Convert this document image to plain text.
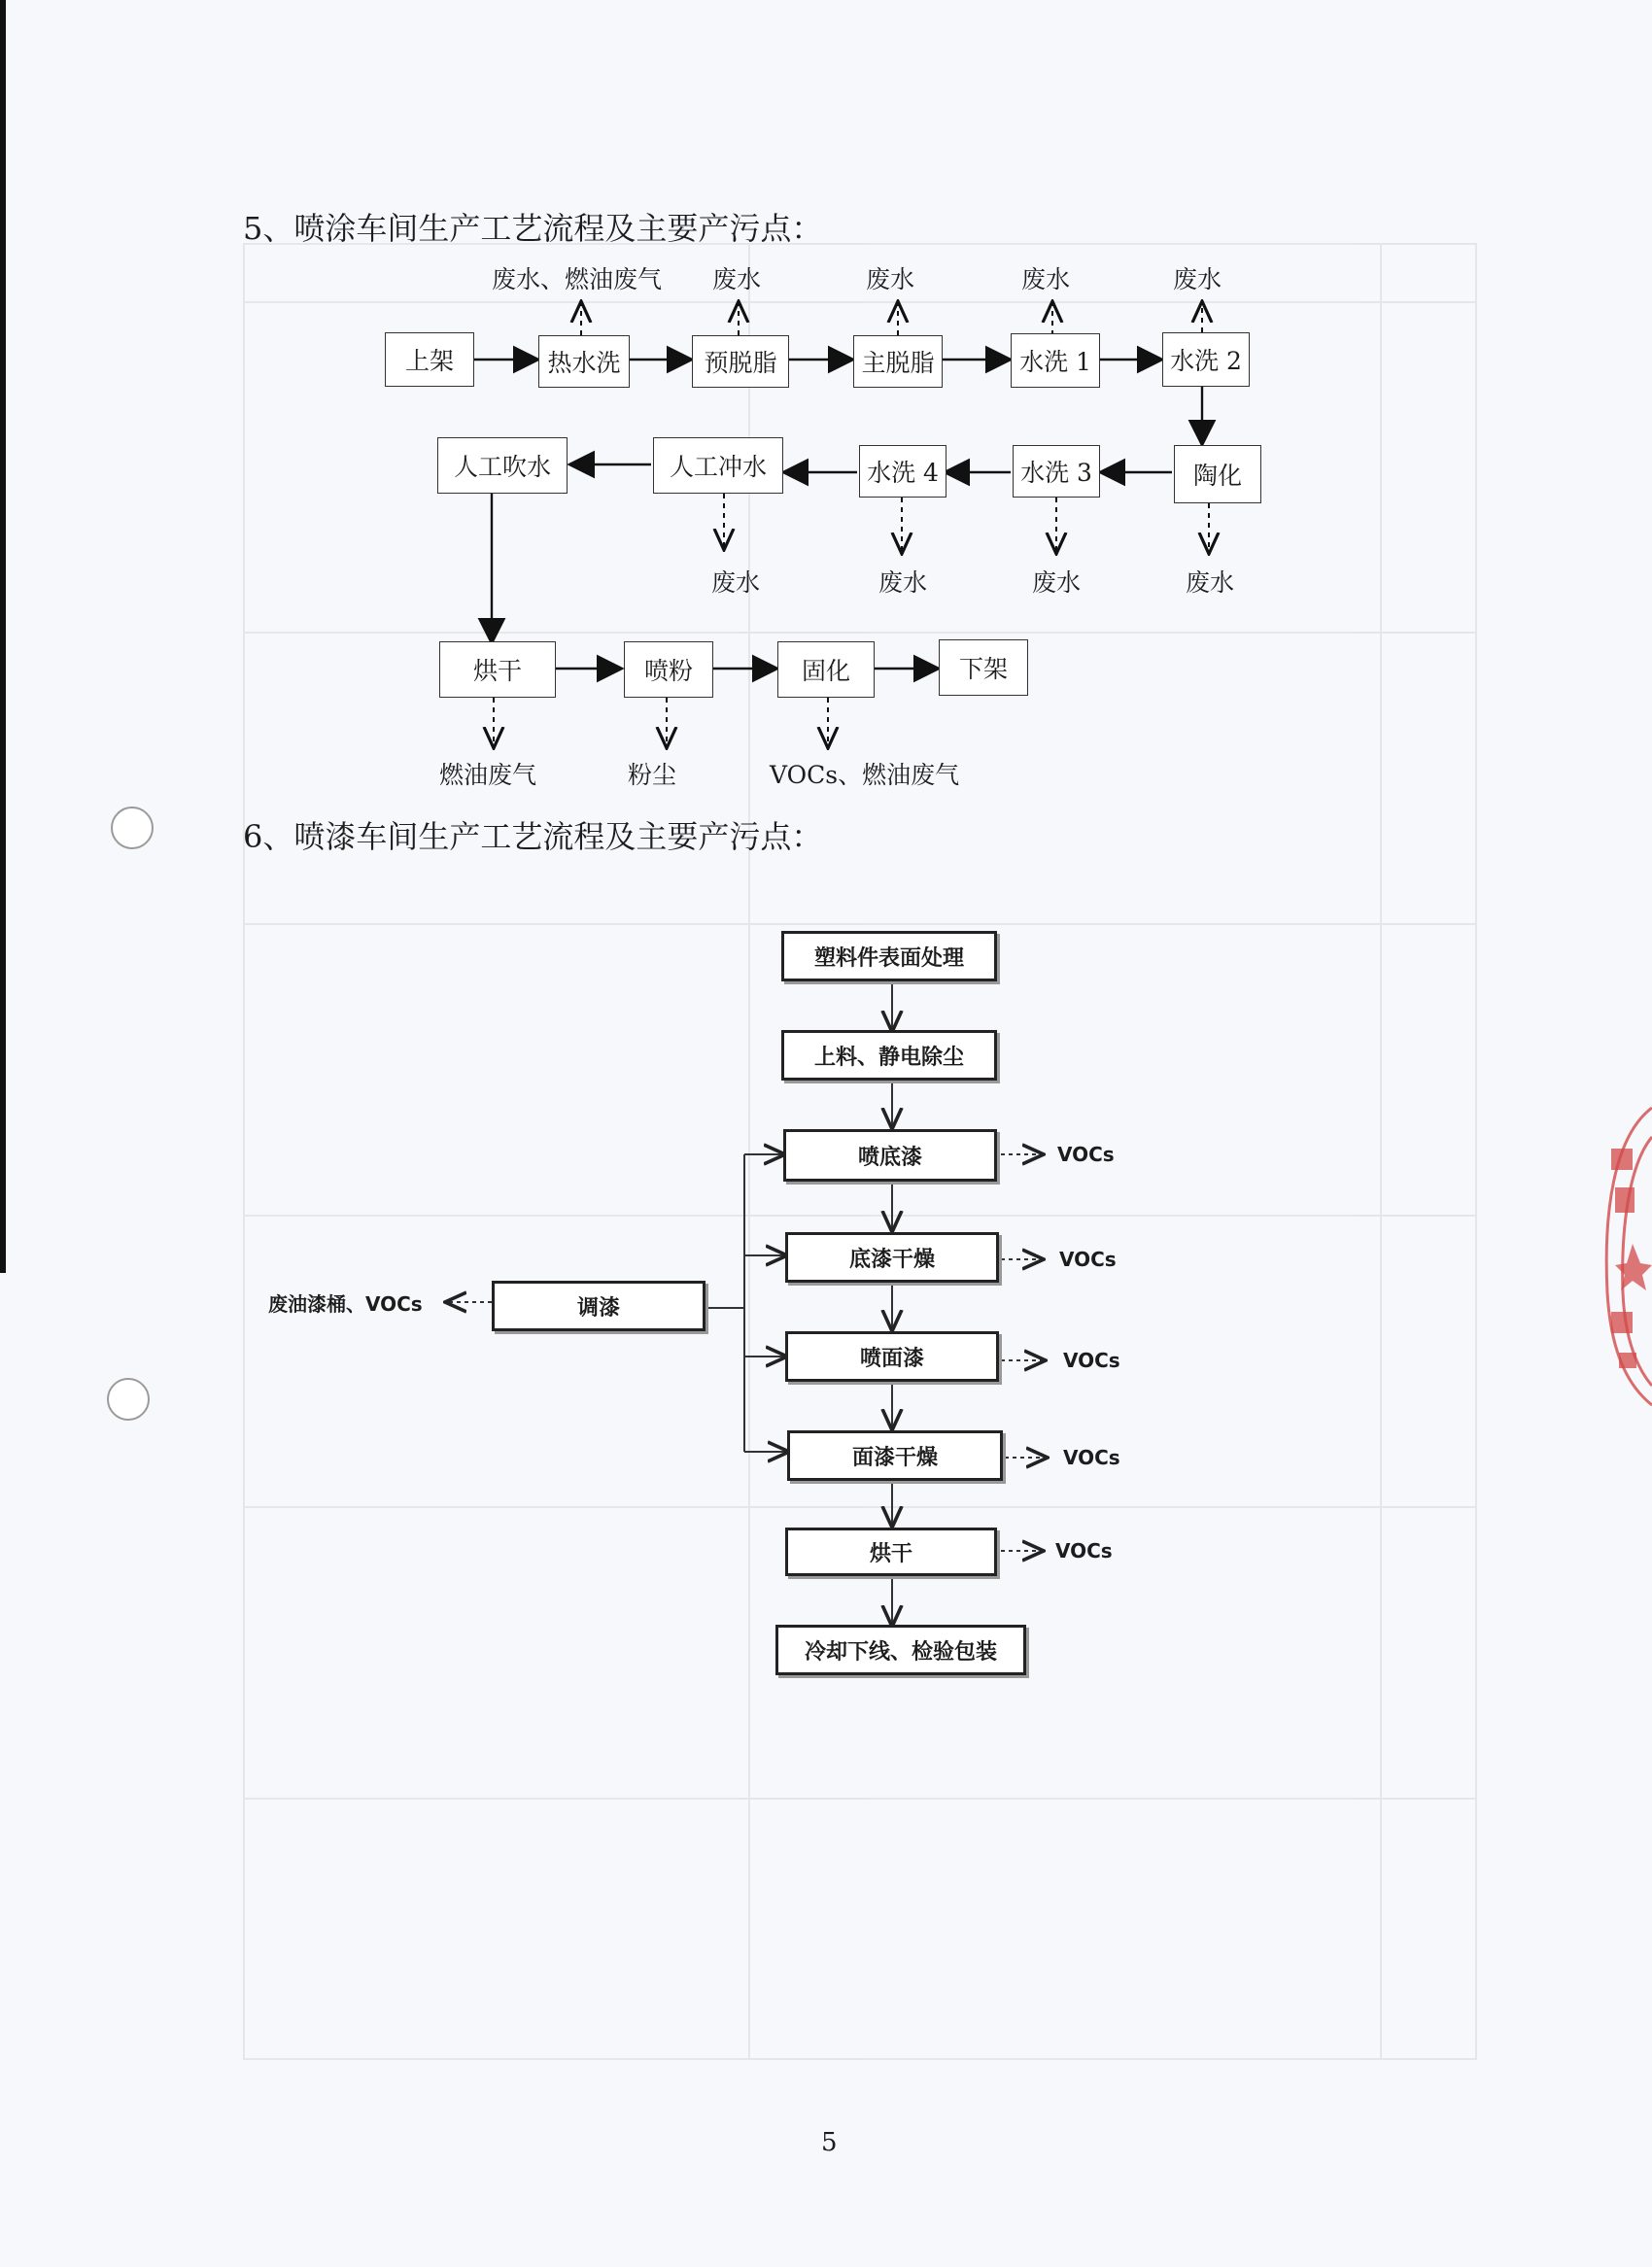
5、喷涂车间生产工艺流程及主要产污点：
上架	热水洗	预脱脂	主脱脂	水洗 1	水洗 2
废水、燃油废气 废水	废水	废水	废水
人工吹水	人工冲水	水洗 4	水洗 3	陶化
废水	废水	废水	废水
烘干	喷粉	固化	下架
燃油废气	粉尘	VOCs、燃油废气
6、喷漆车间生产工艺流程及主要产污点：
塑料件表面处理
上料、静电除尘
喷底漆
底漆干燥
喷面漆
面漆干燥
烘干
冷却下线、检验包装
调漆
废油漆桶、VOCs
VOCs
VOCs
VOCs
VOCs
VOCs
5
